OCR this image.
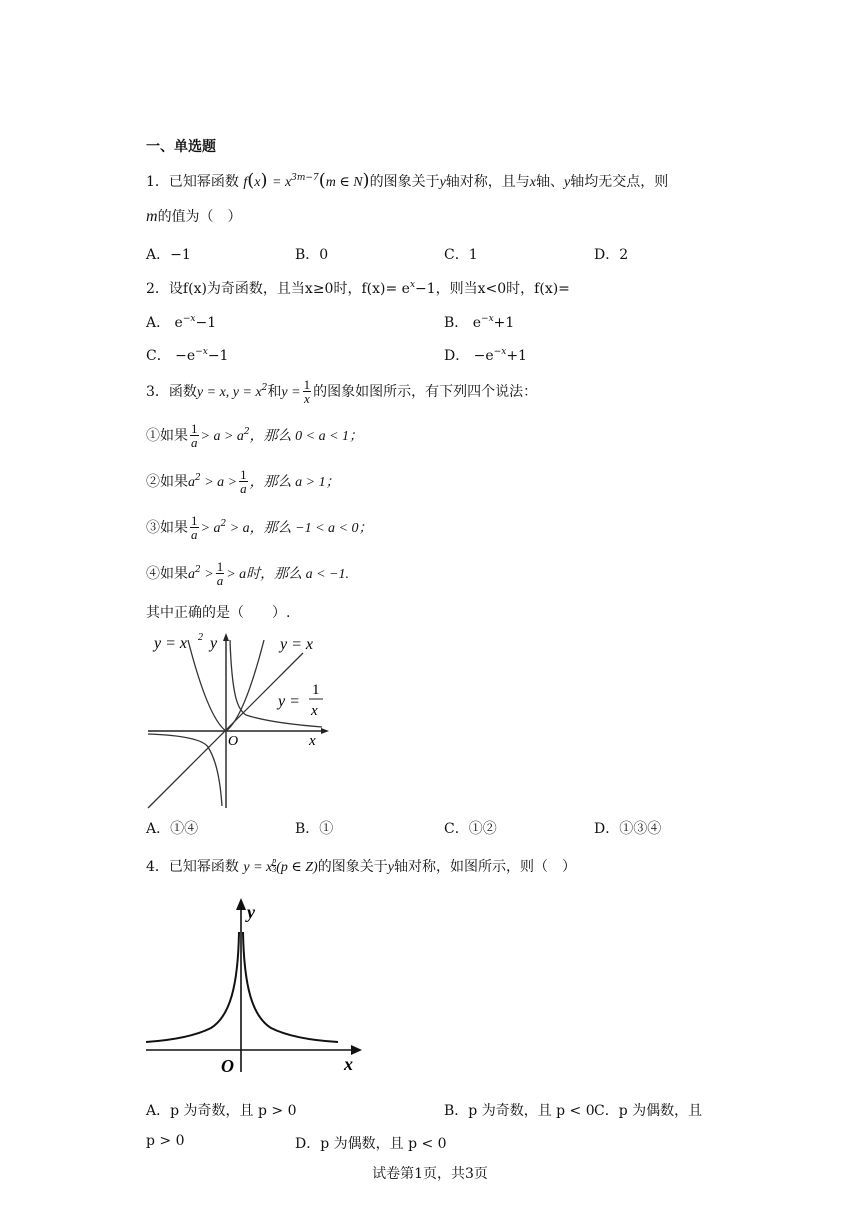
一、单选题
1．已知幂函数 $f(x) = x^{3m-7}(m$ ∈ N)的图象关于y轴对称，且与x轴、y轴均无交点，则
m的值为（　）
A．−1	B．0	C．1	D．2
2．设f(x)为奇函数，且当x≥0时，$f(x)= e^x-1$，则当x<0时，f(x)=
A． $e^{-x}-1$	B． $e^{-x}+1$
C． $-e^{-x}-1$	D． $-e^{-x}+1$
3．函数y = x, $y = x^2$和$y = \frac{1}{x}$ 的图象如图所示，有下列四个说法：
①如果 $\frac{1}{a} > a > a^2$，那么 0 < a < 1；
②如果$a^2 > a > \frac{1}{a}$ ，那么 a > 1；
③如果 $\frac{1}{a} > a^2 > a$，那么 −1 < a < 0；
④如果$a^2 > \frac{1}{a} > a$时，那么 a < −1.
其中正确的是（　　）.
y = x 2 y	y = x
y =
1
x
O	x
A．①④	B．①	C．①②	D．①③④
4．已知幂函数 y = x $\frac{p}{3} (p$ ∈ Z)的图象关于y轴对称，如图所示，则（　）
y
O	x
A．p 为奇数，且 p > 0	B．p 为奇数，且 p < 0 C．p 为偶数，且
p > 0	D．p 为偶数，且 p < 0
试卷第1页，共3页
